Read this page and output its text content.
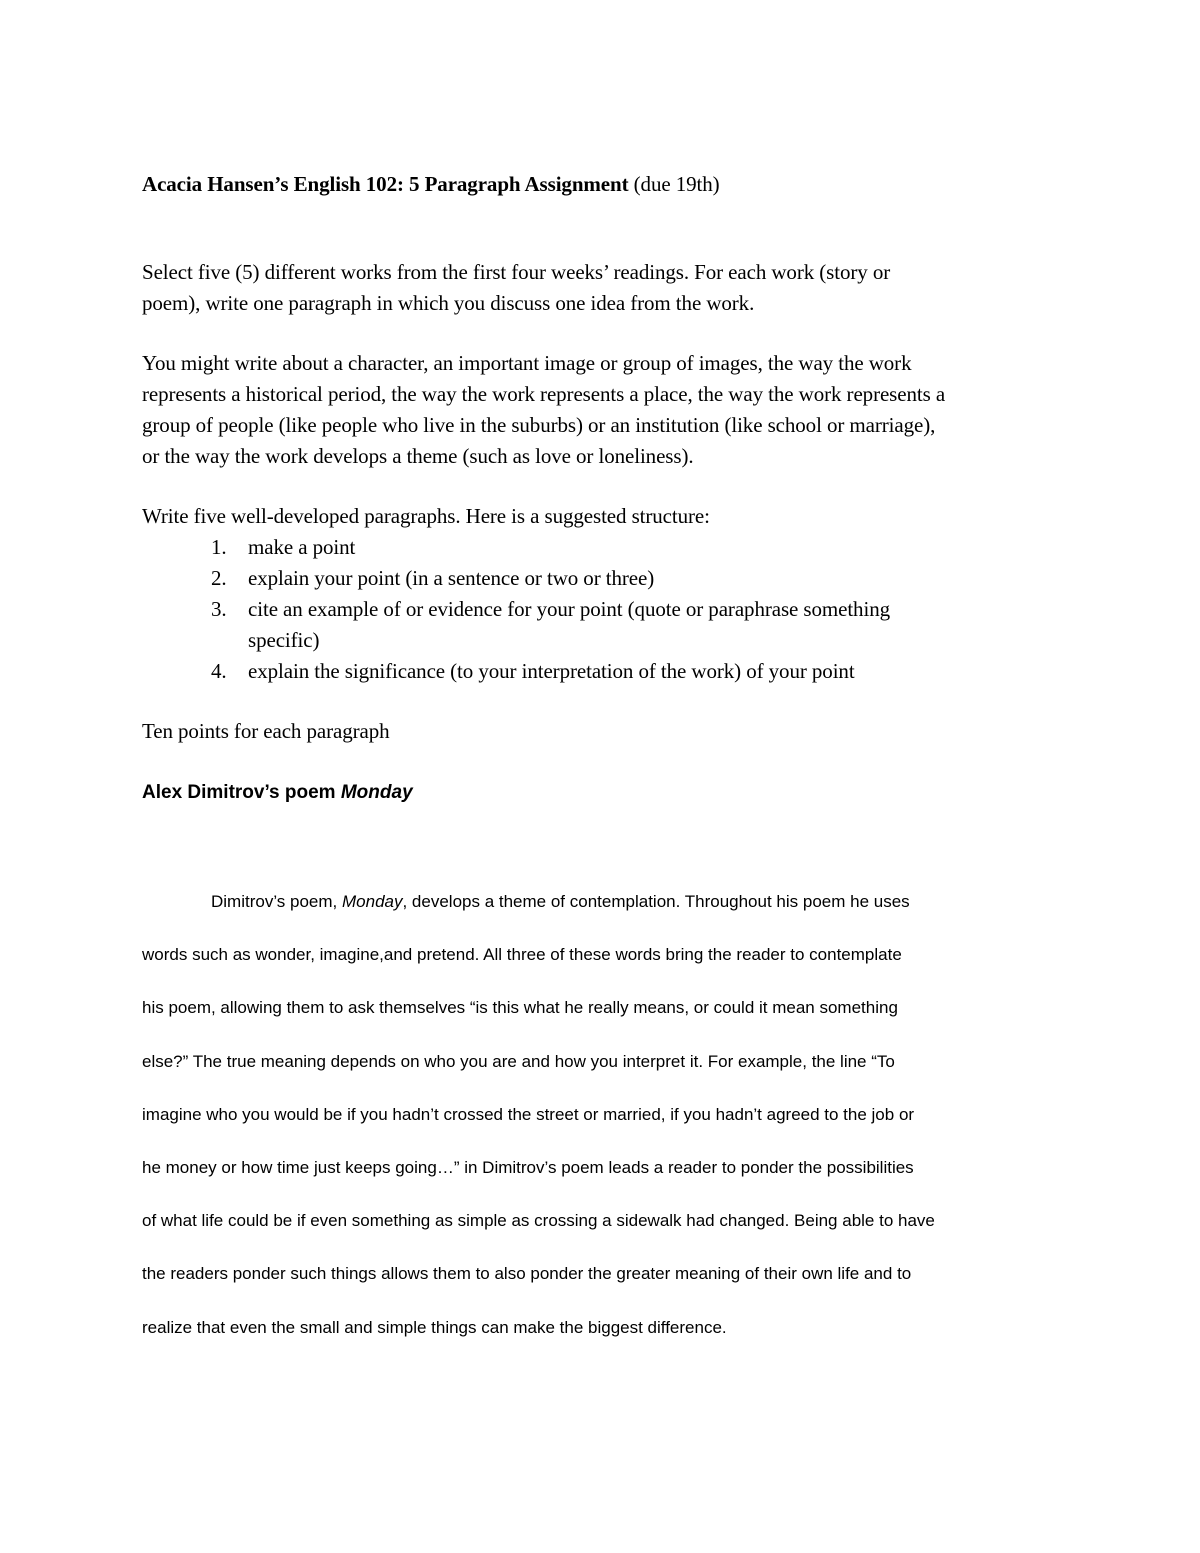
Acacia Hansen’s English 102: 5 Paragraph Assignment (due 19th)

Select five (5) different works from the first four weeks’ readings. For each work (story or
poem), write one paragraph in which you discuss one idea from the work.

You might write about a character, an important image or group of images, the way the work
represents a historical period, the way the work represents a place, the way the work represents a
group of people (like people who live in the suburbs) or an institution (like school or marriage),
or the way the work develops a theme (such as love or loneliness).

Write five well-developed paragraphs. Here is a suggested structure:

1. make a point
2. explain your point (in a sentence or two or three)
3. cite an example of or evidence for your point (quote or paraphrase something
specific)
4. explain the significance (to your interpretation of the work) of your point

Ten points for each paragraph

Alex Dimitrov’s poem Monday

Dimitrov’s poem, Monday, develops a theme of contemplation. Throughout his poem he uses
words such as wonder, imagine,and pretend. All three of these words bring the reader to contemplate
his poem, allowing them to ask themselves “is this what he really means, or could it mean something
else?” The true meaning depends on who you are and how you interpret it. For example, the line “To
imagine who you would be if you hadn’t crossed the street or married, if you hadn’t agreed to the job or
he money or how time just keeps going…” in Dimitrov’s poem leads a reader to ponder the possibilities
of what life could be if even something as simple as crossing a sidewalk had changed. Being able to have
the readers ponder such things allows them to also ponder the greater meaning of their own life and to
realize that even the small and simple things can make the biggest difference.
